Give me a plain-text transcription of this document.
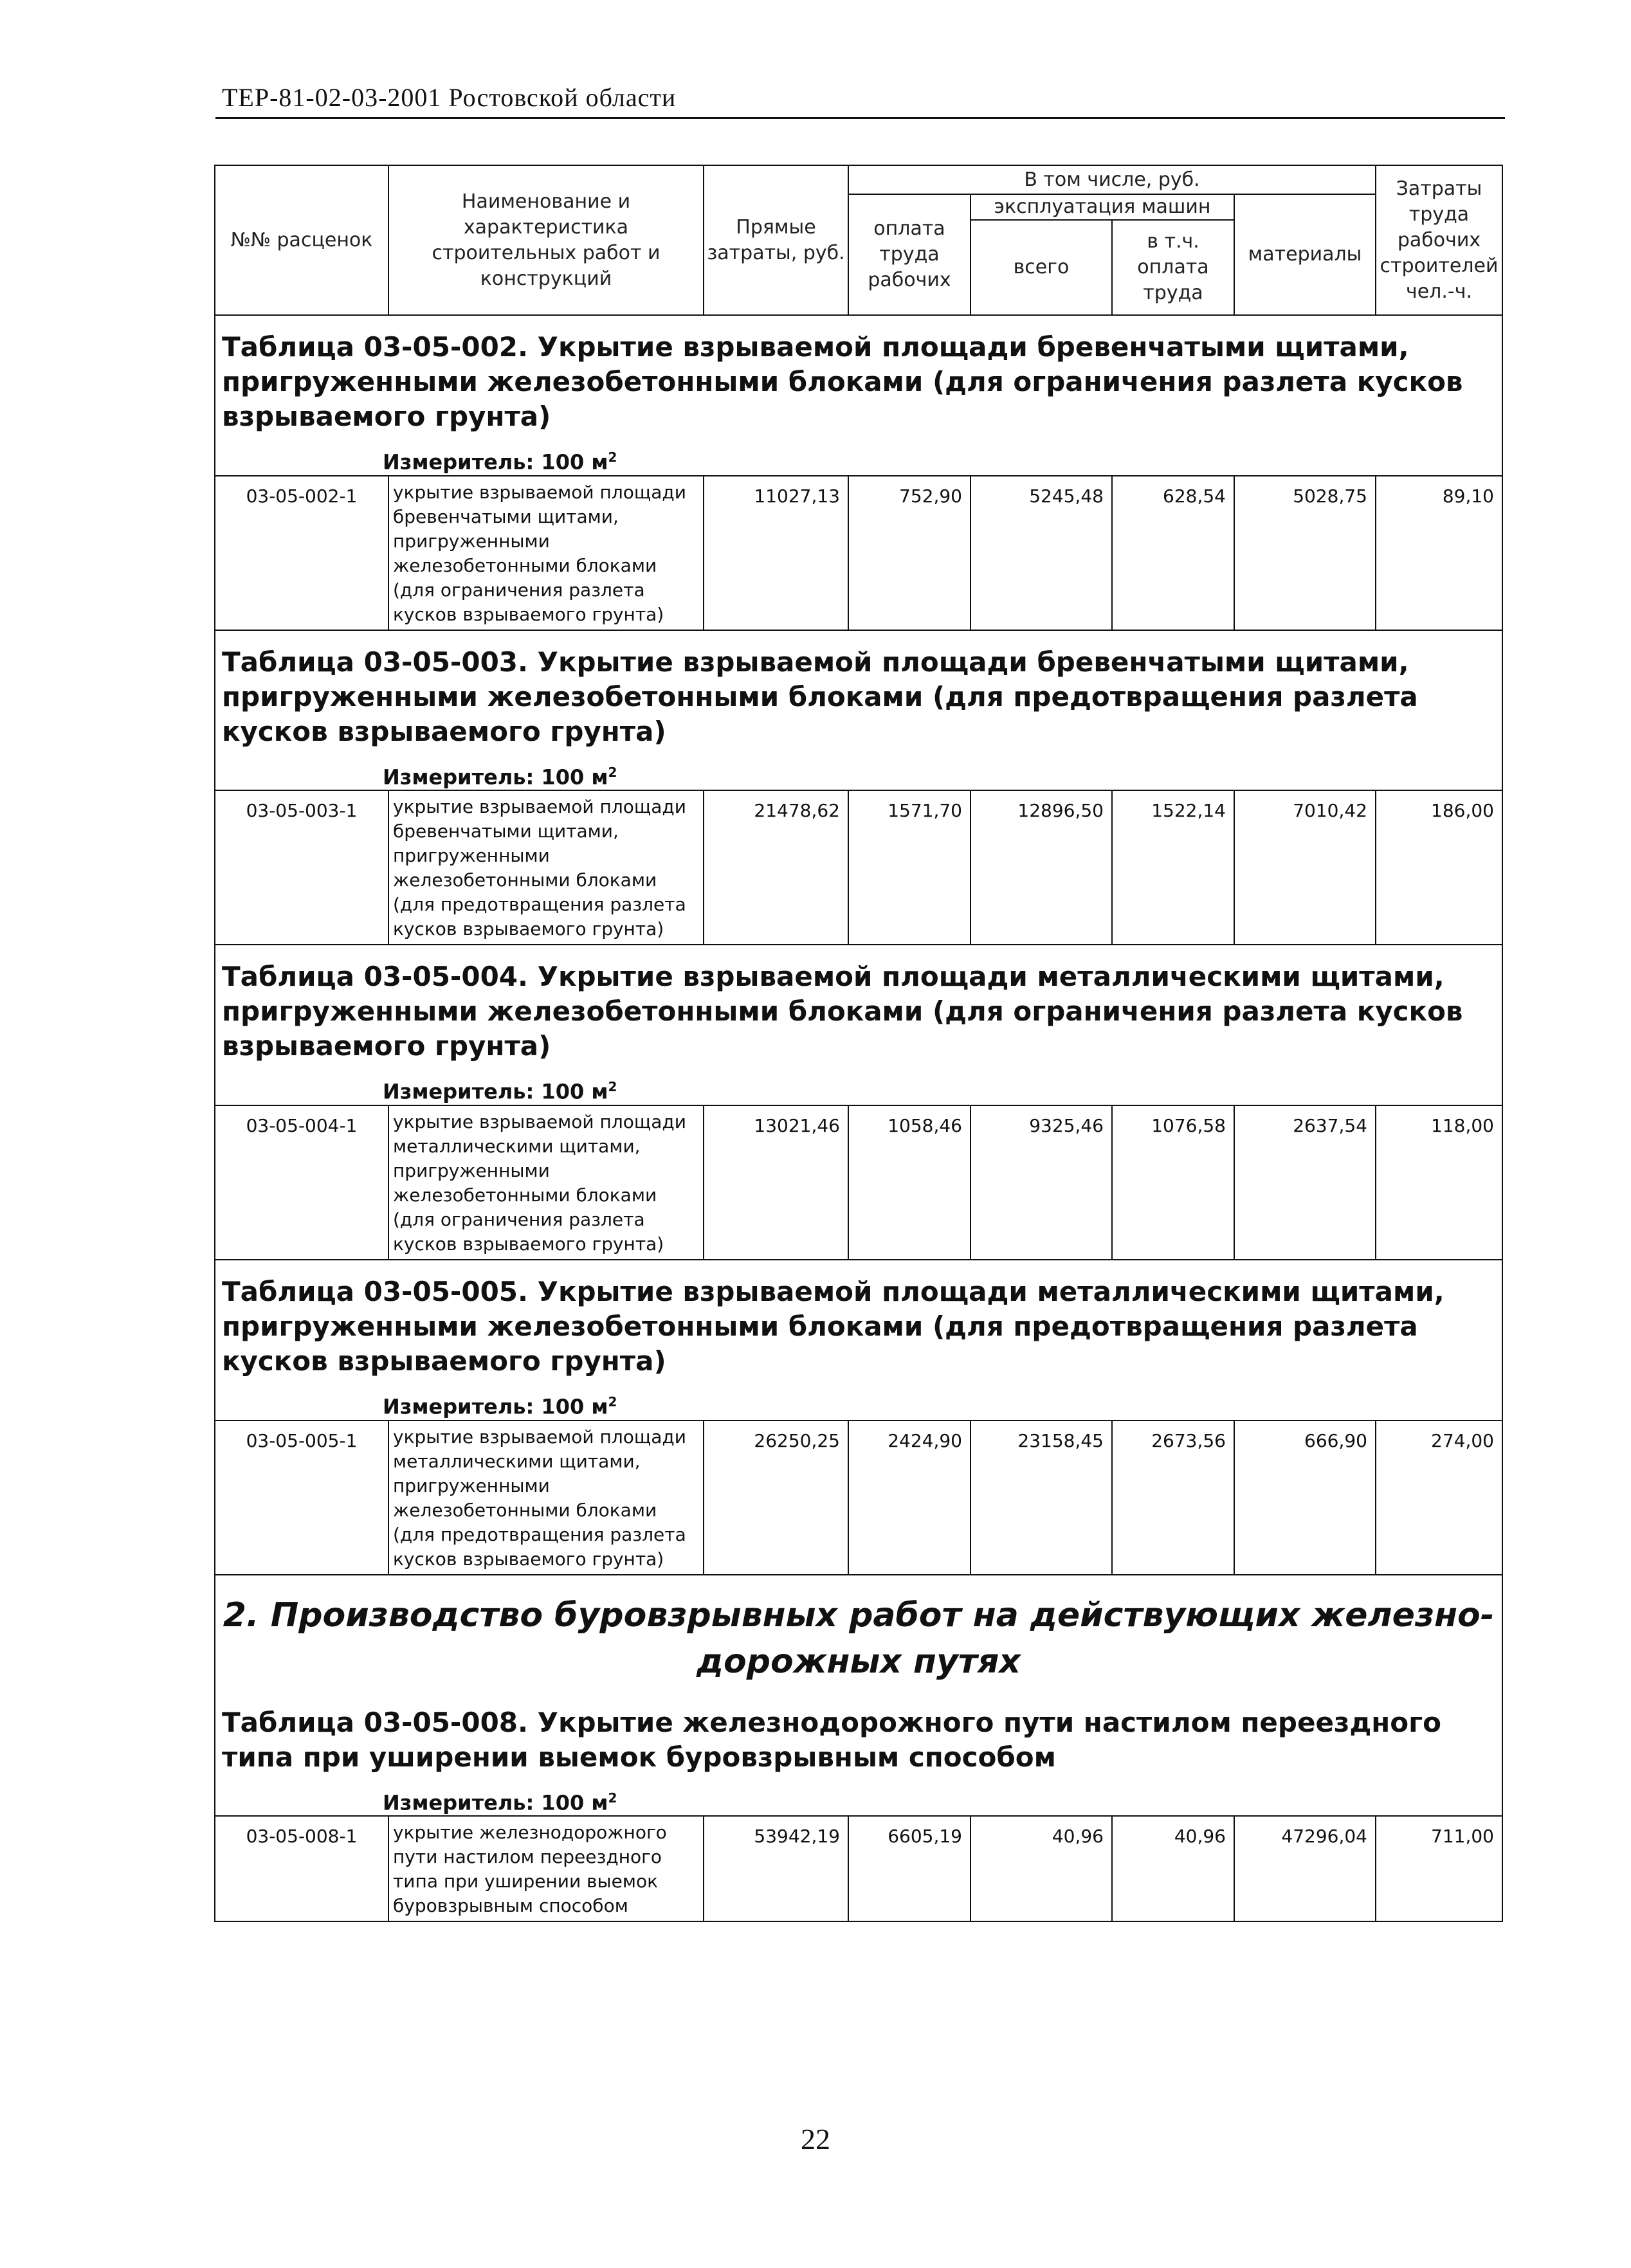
ТЕР-81-02-03-2001 Ростовской области
№№ расценок	Наименование и характеристика строительных работ и конструкций	Прямые затраты, руб.	В том числе, руб.				Затраты труда рабочих строителей чел.-ч.
			оплата труда рабочих	эксплуатация машин		материалы	
				всего	в т.ч. оплата труда		
Таблица 03-05-002. Укрытие взрываемой площади бревенчатыми щитами, пригруженными железобетонными блоками (для ограничения разлета кусков взрываемого грунта)							
Измеритель: 100 $м^2$
03-05-002-1	укрытие взрываемой площади бревенчатыми щитами, пригруженными железобетонными блоками (для ограничения разлета кусков взрываемого грунта)	11027,13	752,90	5245,48	628,54	5028,75	89,10
Таблица 03-05-003. Укрытие взрываемой площади бревенчатыми щитами, пригруженными железобетонными блоками (для предотвращения разлета кусков взрываемого грунта)							
Измеритель: 100 $м^2$
03-05-003-1	укрытие взрываемой площади бревенчатыми щитами, пригруженными железобетонными блоками (для предотвращения разлета кусков взрываемого грунта)	21478,62	1571,70	12896,50	1522,14	7010,42	186,00
Таблица 03-05-004. Укрытие взрываемой площади металлическими щитами, пригруженными железобетонными блоками (для ограничения разлета кусков взрываемого грунта)							
Измеритель: 100 $м^2$
03-05-004-1	укрытие взрываемой площади металлическими щитами, пригруженными железобетонными блоками (для ограничения разлета кусков взрываемого грунта)	13021,46	1058,46	9325,46	1076,58	2637,54	118,00
Таблица 03-05-005. Укрытие взрываемой площади металлическими щитами, пригруженными железобетонными блоками (для предотвращения разлета кусков взрываемого грунта)							
Измеритель: 100 $м^2$
03-05-005-1	укрытие взрываемой площади металлическими щитами, пригруженными железобетонными блоками (для предотвращения разлета кусков взрываемого грунта)	26250,25	2424,90	23158,45	2673,56	666,90	274,00

2. Производство буровзрывных работ на действующих железно-
дорожных путях							

Таблица 03-05-008. Укрытие железнодорожного пути настилом переездного типа при уширении выемок буровзрывным способом							
Измеритель: 100 $м^2$
03-05-008-1	укрытие железнодорожного пути настилом переездного типа при уширении выемок буровзрывным способом	53942,19	6605,19	40,96	40,96	47296,04	711,00
22
